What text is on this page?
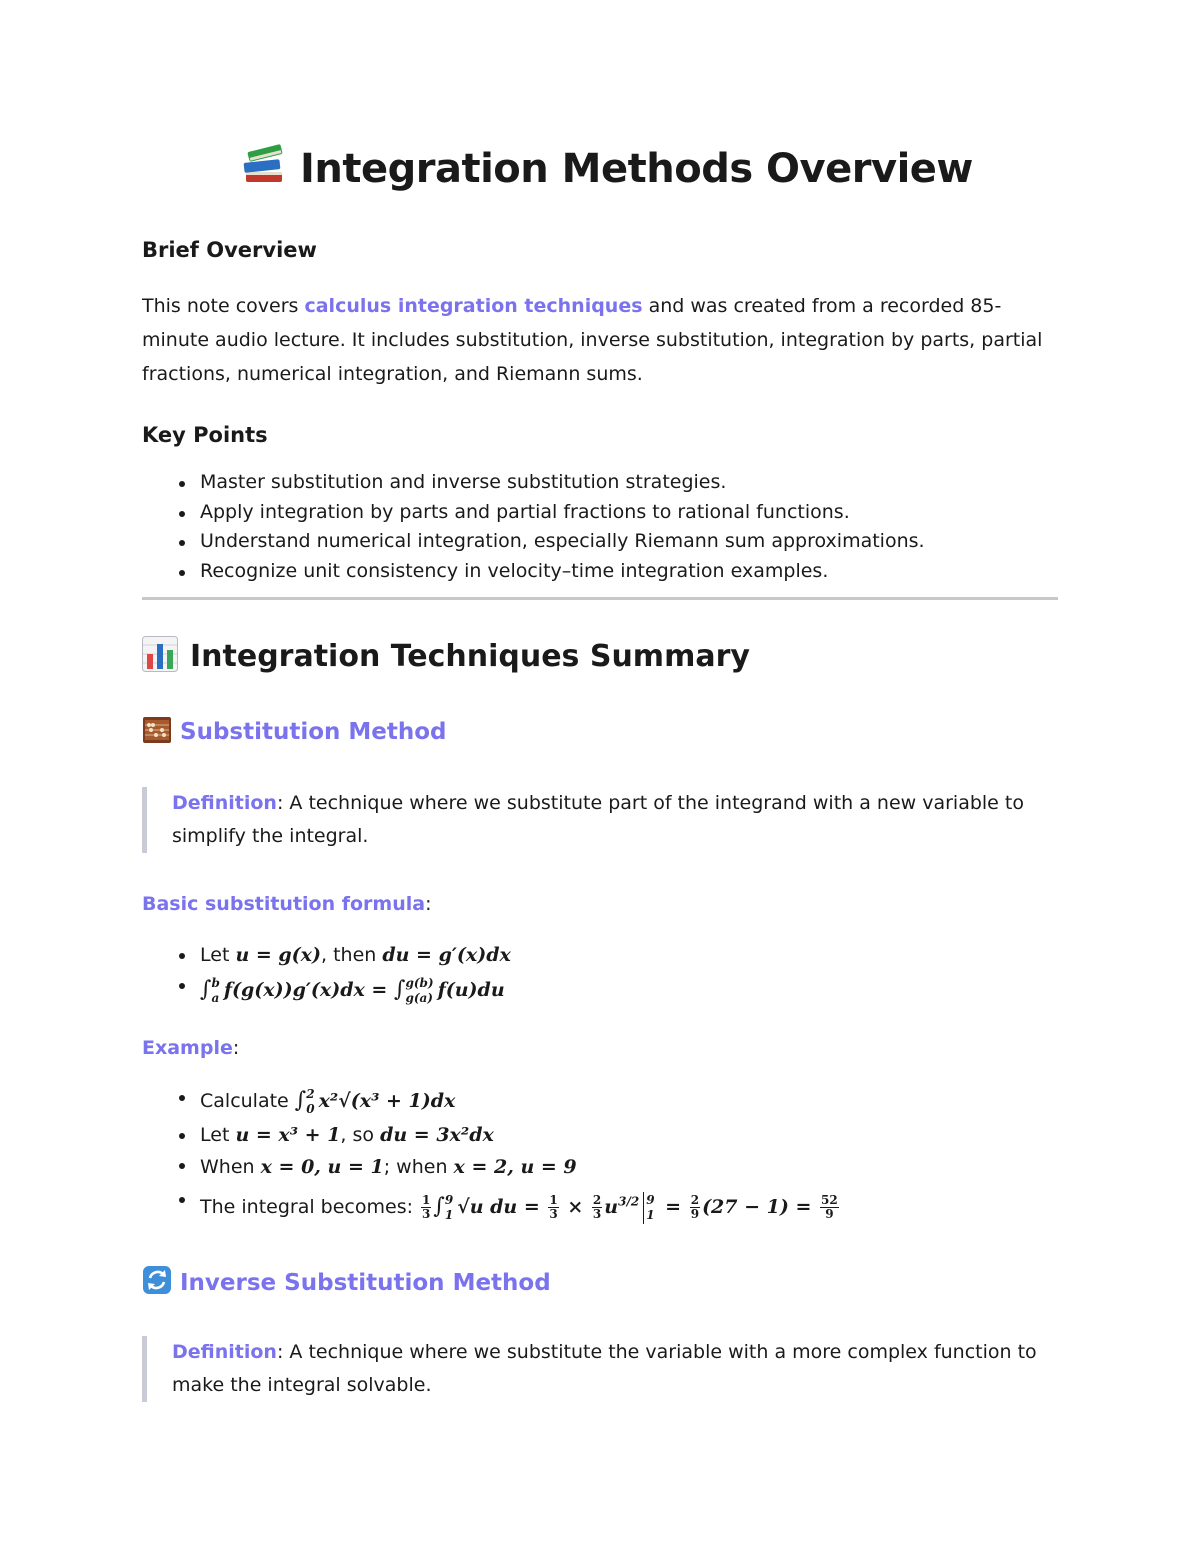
Integration Methods Overview
Brief Overview
This note covers calculus integration techniques and was created from a recorded 85-minute audio lecture. It includes substitution, inverse substitution, integration by parts, partial fractions, numerical integration, and Riemann sums.
Key Points
Master substitution and inverse substitution strategies.
Apply integration by parts and partial fractions to rational functions.
Understand numerical integration, especially Riemann sum approximations.
Recognize unit consistency in velocity–time integration examples.
Integration Techniques Summary
Substitution Method
Definition: A technique where we substitute part of the integrand with a new variable to simplify the integral.
Basic substitution formula:
Let u = g(x), then du = g′(x)dx
∫ b
a f(g(x))g′(x)dx = ∫ g(b)
g(a) f(u)du
Example:
Calculate ∫ 2
0 x²√(x³ + 1)dx
Let u = x³ + 1, so du = 3x²dx
When x = 0, u = 1; when x = 2, u = 9
The integral becomes: $\frac{1}{3}$ ∫ 9
1 √u du = $\frac{1}{3} \times \frac{2}{3} u^{3/2}$ 9
$1 = \frac{2}{9} (27 - 1) = \frac{52}{9}$
Inverse Substitution Method
Definition: A technique where we substitute the variable with a more complex function to make the integral solvable.
